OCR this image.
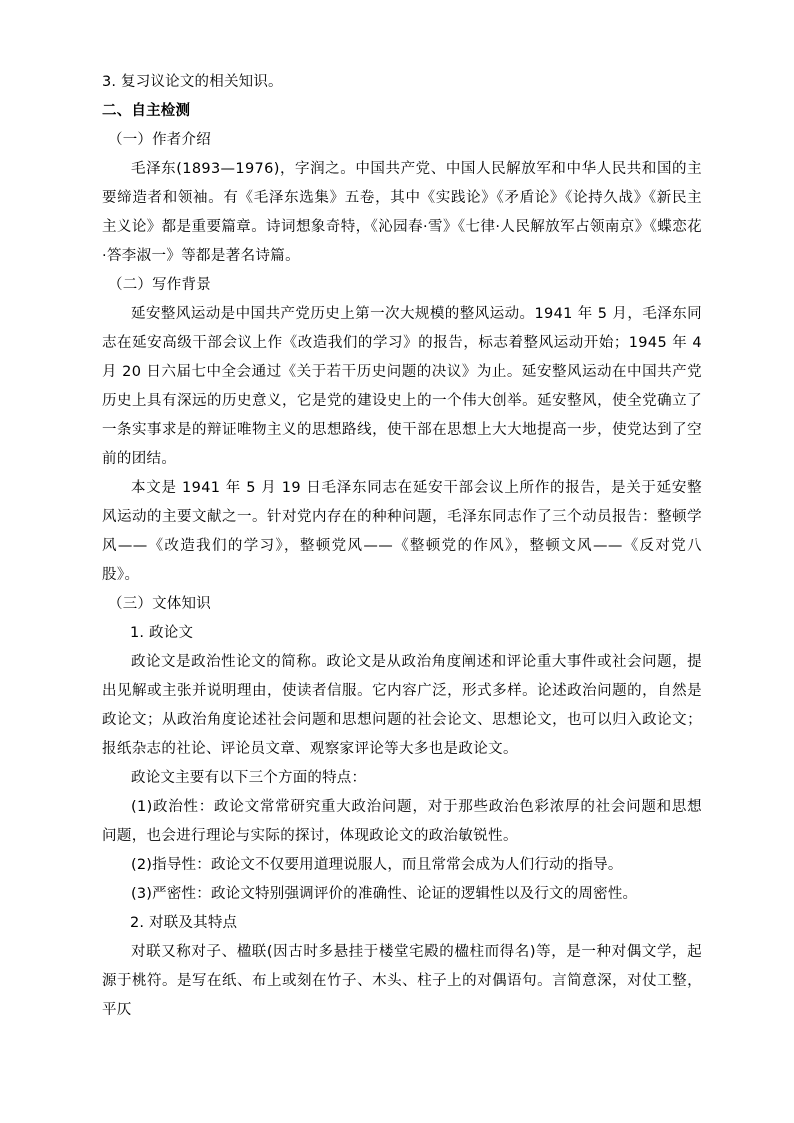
3. 复习议论文的相关知识。

二、自主检测

（一）作者介绍

毛泽东(1893—1976)，字润之。中国共产党、中国人民解放军和中华人民共和国的主要缔造者和领袖。有《毛泽东选集》五卷，其中《实践论》《矛盾论》《论持久战》《新民主主义论》都是重要篇章。诗词想象奇特，《沁园春·雪》《七律·人民解放军占领南京》《蝶恋花·答李淑一》等都是著名诗篇。

（二）写作背景

延安整风运动是中国共产党历史上第一次大规模的整风运动。1941 年 5 月，毛泽东同志在延安高级干部会议上作《改造我们的学习》的报告，标志着整风运动开始；1945 年 4 月 20 日六届七中全会通过《关于若干历史问题的决议》为止。延安整风运动在中国共产党历史上具有深远的历史意义，它是党的建设史上的一个伟大创举。延安整风，使全党确立了一条实事求是的辩证唯物主义的思想路线，使干部在思想上大大地提高一步，使党达到了空前的团结。

本文是 1941 年 5 月 19 日毛泽东同志在延安干部会议上所作的报告，是关于延安整风运动的主要文献之一。针对党内存在的种种问题，毛泽东同志作了三个动员报告：整顿学风——《改造我们的学习》，整顿党风——《整顿党的作风》，整顿文风——《反对党八股》。

（三）文体知识

1. 政论文

政论文是政治性论文的简称。政论文是从政治角度阐述和评论重大事件或社会问题，提出见解或主张并说明理由，使读者信服。它内容广泛，形式多样。论述政治问题的，自然是政论文；从政治角度论述社会问题和思想问题的社会论文、思想论文，也可以归入政论文；报纸杂志的社论、评论员文章、观察家评论等大多也是政论文。

政论文主要有以下三个方面的特点：

(1)政治性：政论文常常研究重大政治问题，对于那些政治色彩浓厚的社会问题和思想问题，也会进行理论与实际的探讨，体现政论文的政治敏锐性。

(2)指导性：政论文不仅要用道理说服人，而且常常会成为人们行动的指导。

(3)严密性：政论文特别强调评价的准确性、论证的逻辑性以及行文的周密性。

2. 对联及其特点

对联又称对子、楹联(因古时多悬挂于楼堂宅殿的楹柱而得名)等，是一种对偶文学，起源于桃符。是写在纸、布上或刻在竹子、木头、柱子上的对偶语句。言简意深，对仗工整，平仄
